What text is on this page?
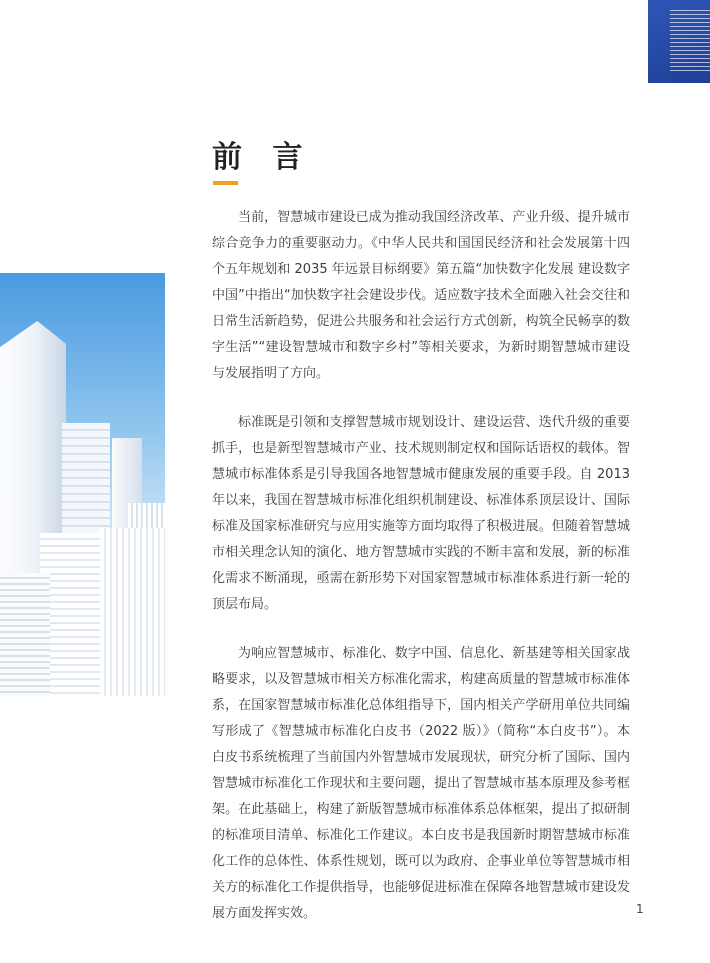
前 言

当前，智慧城市建设已成为推动我国经济改革、产业升级、提升城市综合竞争力的重要驱动力。《中华人民共和国国民经济和社会发展第十四个五年规划和 2035 年远景目标纲要》第五篇“加快数字化发展 建设数字中国”中指出“加快数字社会建设步伐。适应数字技术全面融入社会交往和日常生活新趋势，促进公共服务和社会运行方式创新，构筑全民畅享的数字生活”“建设智慧城市和数字乡村”等相关要求，为新时期智慧城市建设与发展指明了方向。

标准既是引领和支撑智慧城市规划设计、建设运营、迭代升级的重要抓手，也是新型智慧城市产业、技术规则制定权和国际话语权的载体。智慧城市标准体系是引导我国各地智慧城市健康发展的重要手段。自 2013 年以来，我国在智慧城市标准化组织机制建设、标准体系顶层设计、国际标准及国家标准研究与应用实施等方面均取得了积极进展。但随着智慧城市相关理念认知的演化、地方智慧城市实践的不断丰富和发展，新的标准化需求不断涌现，亟需在新形势下对国家智慧城市标准体系进行新一轮的顶层布局。

为响应智慧城市、标准化、数字中国、信息化、新基建等相关国家战略要求，以及智慧城市相关方标准化需求，构建高质量的智慧城市标准体系，在国家智慧城市标准化总体组指导下，国内相关产学研用单位共同编写形成了《智慧城市标准化白皮书（2022 版）》（简称“本白皮书”）。本白皮书系统梳理了当前国内外智慧城市发展现状，研究分析了国际、国内智慧城市标准化工作现状和主要问题，提出了智慧城市基本原理及参考框架。在此基础上，构建了新版智慧城市标准体系总体框架，提出了拟研制的标准项目清单、标准化工作建议。本白皮书是我国新时期智慧城市标准化工作的总体性、体系性规划，既可以为政府、企事业单位等智慧城市相关方的标准化工作提供指导，也能够促进标准在保障各地智慧城市建设发展方面发挥实效。	1
